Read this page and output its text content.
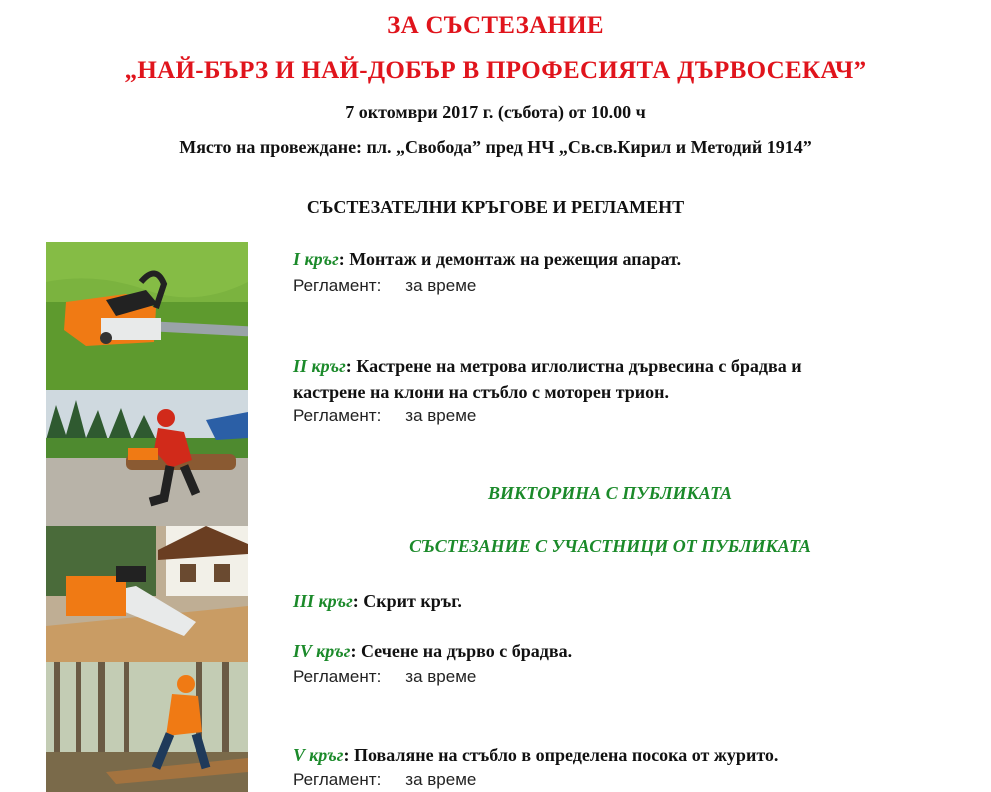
ЗА СЪСТЕЗАНИЕ
„НАЙ-БЪРЗ И НАЙ-ДОБЪР В ПРОФЕСИЯТА ДЪРВОСЕКАЧ”
7 октомври 2017 г. (събота) от 10.00 ч
Място на провеждане: пл. „Свобода” пред НЧ „Св.св.Кирил и Методий 1914”
СЪСТЕЗАТЕЛНИ КРЪГОВЕ И РЕГЛАМЕНТ
I кръг: Монтаж и демонтаж на режещия апарат.
Регламент: за време
II кръг: Кастрене на метрова иглолистна дървесина с брадва и
кастрене на клони на стъбло с моторен трион.
Регламент: за време
ВИКТОРИНА С ПУБЛИКАТА
СЪСТЕЗАНИЕ С УЧАСТНИЦИ ОТ ПУБЛИКАТА
III кръг: Скрит кръг.
IV кръг: Сечене на дърво с брадва.
Регламент: за време
V кръг: Поваляне на стъбло в определена посока от журито.
Регламент: за време
